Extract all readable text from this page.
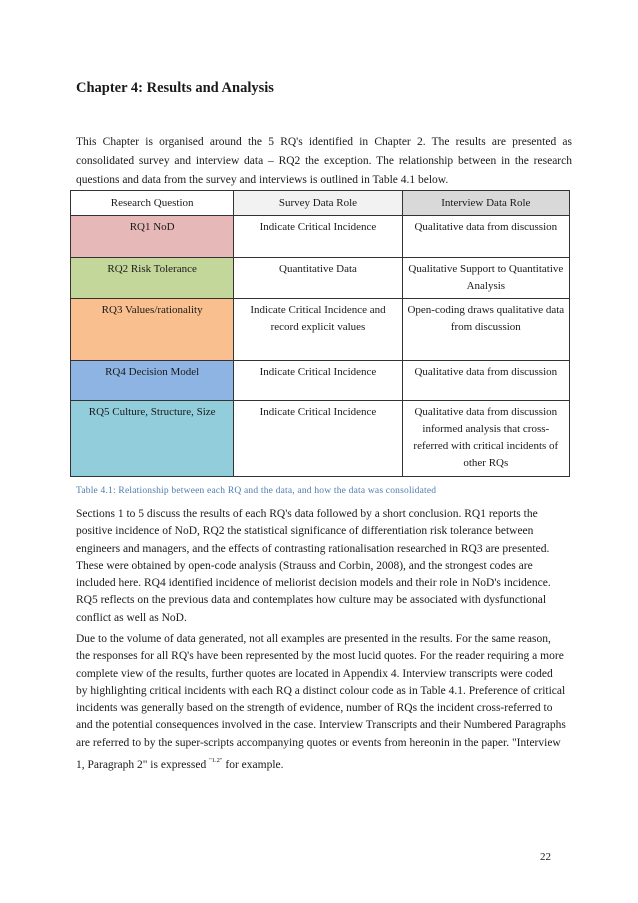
Chapter 4: Results and Analysis
This Chapter is organised around the 5 RQ's identified in Chapter 2. The results are presented as consolidated survey and interview data – RQ2 the exception. The relationship between in the research questions and data from the survey and interviews is outlined in Table 4.1 below.
Research Question	Survey Data Role	Interview Data Role
RQ1 NoD	Indicate Critical Incidence	Qualitative data from discussion
RQ2 Risk Tolerance	Quantitative Data	Qualitative Support to Quantitative Analysis
RQ3 Values/rationality	Indicate Critical Incidence and record explicit values	Open-coding draws qualitative data from discussion
RQ4 Decision Model	Indicate Critical Incidence	Qualitative data from discussion
RQ5 Culture, Structure, Size	Indicate Critical Incidence	Qualitative data from discussion informed analysis that cross-referred with critical incidents of other RQs
Table 4.1: Relationship between each RQ and the data, and how the data was consolidated
Sections 1 to 5 discuss the results of each RQ's data followed by a short conclusion. RQ1 reports the positive incidence of NoD, RQ2 the statistical significance of differentiation risk tolerance between engineers and managers, and the effects of contrasting rationalisation researched in RQ3 are presented. These were obtained by open-code analysis (Strauss and Corbin, 2008), and the strongest codes are included here. RQ4 identified incidence of meliorist decision models and their role in NoD's incidence. RQ5 reflects on the previous data and contemplates how culture may be associated with dysfunctional conflict as well as NoD.
Due to the volume of data generated, not all examples are presented in the results. For the same reason, the responses for all RQ's have been represented by the most lucid quotes. For the reader requiring a more complete view of the results, further quotes are located in Appendix 4. Interview transcripts were coded by highlighting critical incidents with each RQ a distinct colour code as in Table 4.1. Preference of critical incidents was generally based on the strength of evidence, number of RQs the incident cross-referred to and the potential consequences involved in the case. Interview Transcripts and their Numbered Paragraphs are referred to by the super-scripts accompanying quotes or events from hereonin in the paper. "Interview 1, Paragraph 2" is expressed $^{"1.2"}$ for example.
22
